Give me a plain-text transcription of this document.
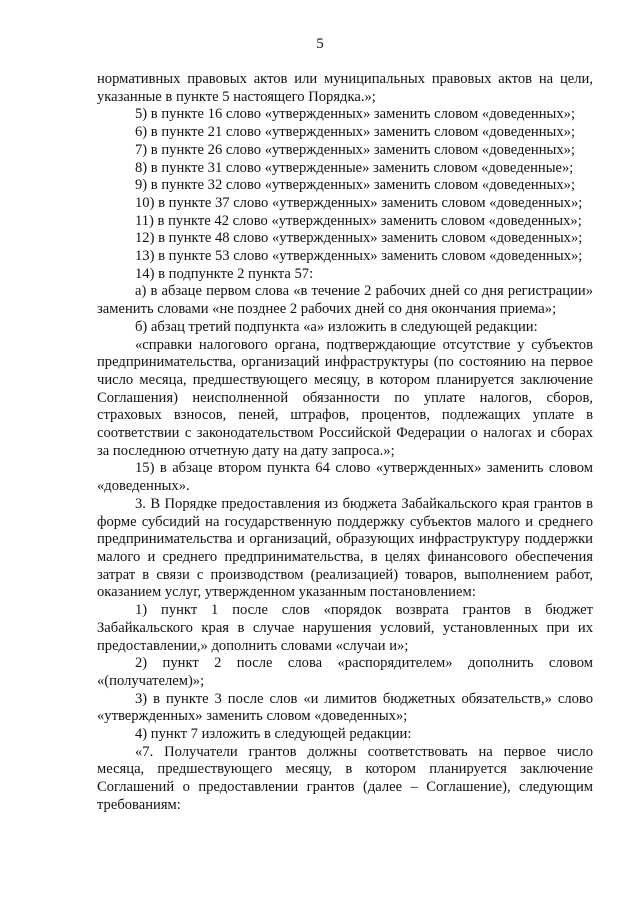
5

нормативных правовых актов или муниципальных правовых актов на цели, указанные в пункте 5 настоящего Порядка.»;

5) в пункте 16 слово «утвержденных» заменить словом «доведенных»;

6) в пункте 21 слово «утвержденных» заменить словом «доведенных»;

7) в пункте 26 слово «утвержденных» заменить словом «доведенных»;

8) в пункте 31 слово «утвержденные» заменить словом «доведенные»;

9) в пункте 32 слово «утвержденных» заменить словом «доведенных»;

10) в пункте 37 слово «утвержденных» заменить словом «доведенных»;

11) в пункте 42 слово «утвержденных» заменить словом «доведенных»;

12) в пункте 48 слово «утвержденных» заменить словом «доведенных»;

13) в пункте 53 слово «утвержденных» заменить словом «доведенных»;

14) в подпункте 2 пункта 57:

а) в абзаце первом слова «в течение 2 рабочих дней со дня регистрации» заменить словами «не позднее 2 рабочих дней со дня окончания приема»;

б) абзац третий подпункта «а» изложить в следующей редакции:

«справки налогового органа, подтверждающие отсутствие у субъектов предпринимательства, организаций инфраструктуры (по состоянию на первое число месяца, предшествующего месяцу, в котором планируется заключение Соглашения) неисполненной обязанности по уплате налогов, сборов, страховых взносов, пеней, штрафов, процентов, подлежащих уплате в соответствии с законодательством Российской Федерации о налогах и сборах за последнюю отчетную дату на дату запроса.»;

15) в абзаце втором пункта 64 слово «утвержденных» заменить словом «доведенных».

3. В Порядке предоставления из бюджета Забайкальского края грантов в форме субсидий на государственную поддержку субъектов малого и среднего предпринимательства и организаций, образующих инфраструктуру поддержки малого и среднего предпринимательства, в целях финансового обеспечения затрат в связи с производством (реализацией) товаров, выполнением работ, оказанием услуг, утвержденном указанным постановлением:

1) пункт 1 после слов «порядок возврата грантов в бюджет Забайкальского края в случае нарушения условий, установленных при их предоставлении,» дополнить словами «случаи и»;

2) пункт 2 после слова «распорядителем» дополнить словом «(получателем)»;

3) в пункте 3 после слов «и лимитов бюджетных обязательств,» слово «утвержденных» заменить словом «доведенных»;

4) пункт 7 изложить в следующей редакции:

«7. Получатели грантов должны соответствовать на первое число месяца, предшествующего месяцу, в котором планируется заключение Соглашений о предоставлении грантов (далее – Соглашение), следующим требованиям:
